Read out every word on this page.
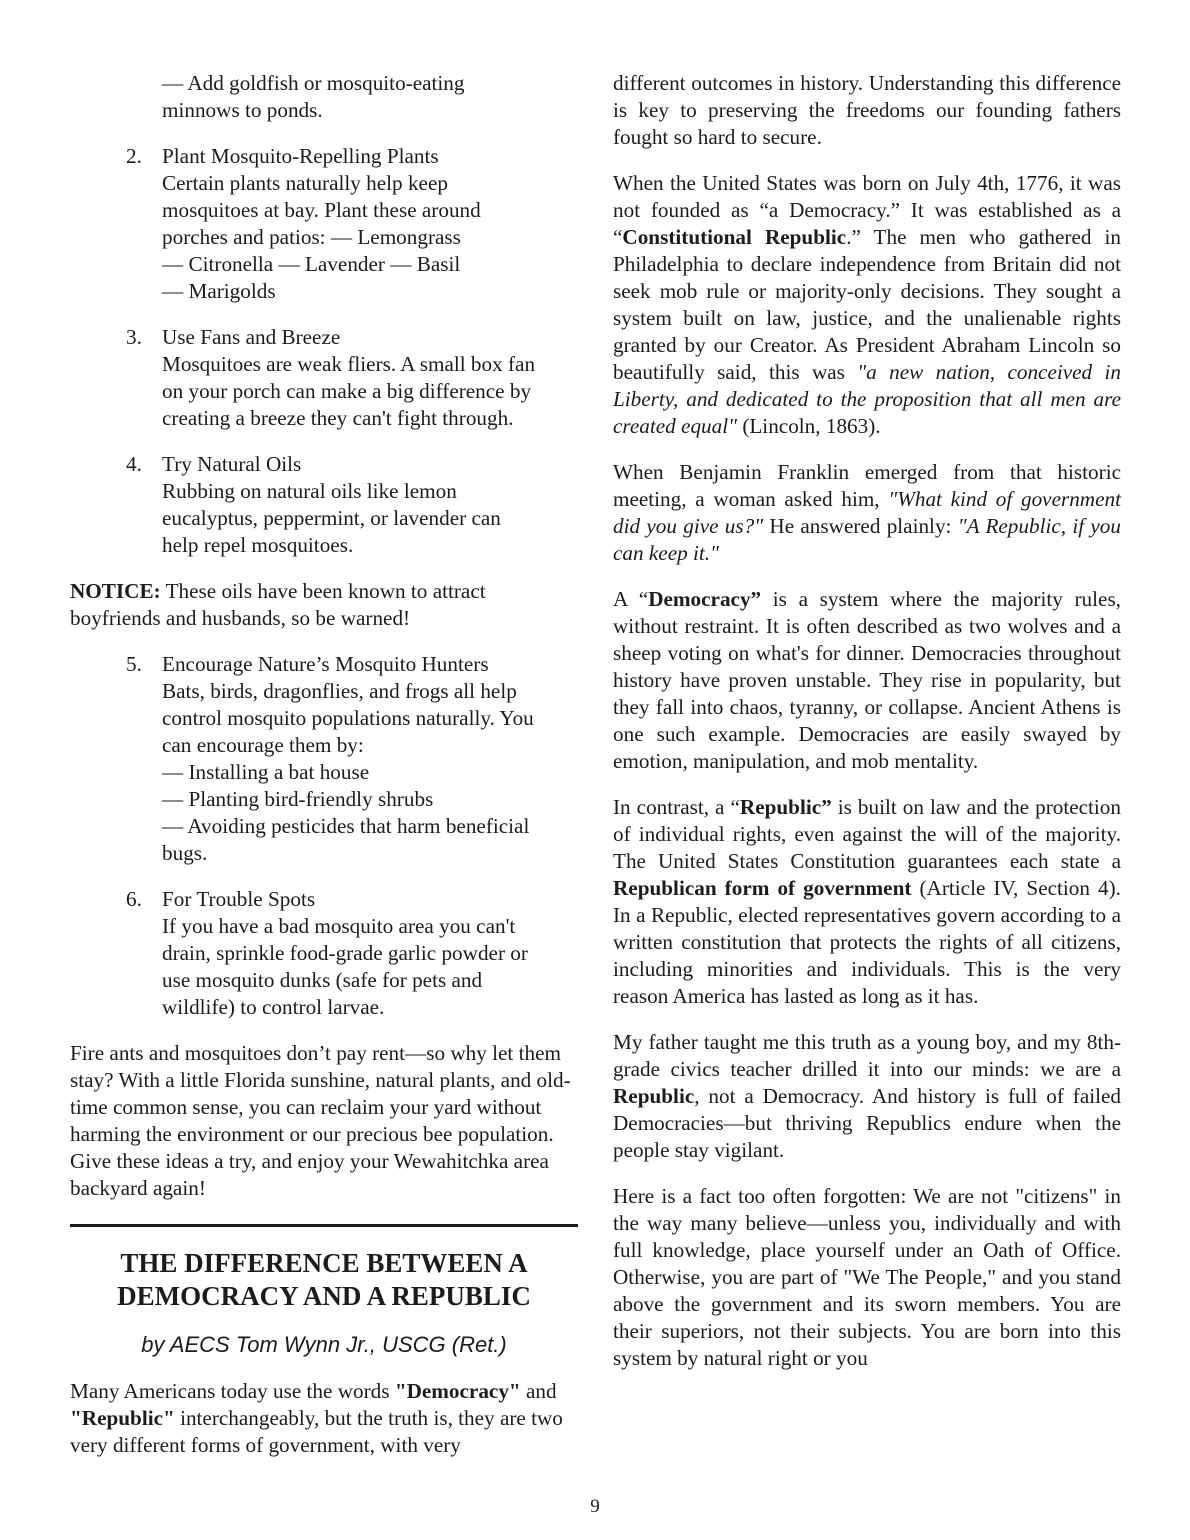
— Add goldfish or mosquito-eating
minnows to ponds.
2. Plant Mosquito-Repelling Plants
Certain plants naturally help keep
mosquitoes at bay. Plant these around
porches and patios: — Lemongrass
— Citronella — Lavender — Basil
— Marigolds
3. Use Fans and Breeze
Mosquitoes are weak fliers. A small box fan
on your porch can make a big difference by
creating a breeze they can't fight through.
4. Try Natural Oils
Rubbing on natural oils like lemon
eucalyptus, peppermint, or lavender can
help repel mosquitoes.

NOTICE: These oils have been known to attract boyfriends and husbands, so be warned!

5. Encourage Nature’s Mosquito Hunters
Bats, birds, dragonflies, and frogs all help
control mosquito populations naturally. You
can encourage them by:
— Installing a bat house
— Planting bird-friendly shrubs
— Avoiding pesticides that harm beneficial
bugs.
6. For Trouble Spots
If you have a bad mosquito area you can't
drain, sprinkle food-grade garlic powder or
use mosquito dunks (safe for pets and
wildlife) to control larvae.

Fire ants and mosquitoes don’t pay rent—so why let them stay? With a little Florida sunshine, natural plants, and old-time common sense, you can reclaim your yard without harming the environment or our precious bee population. Give these ideas a try, and enjoy your Wewahitchka area backyard again!

THE DIFFERENCE BETWEEN A
DEMOCRACY AND A REPUBLIC
by AECS Tom Wynn Jr., USCG (Ret.)

Many Americans today use the words "Democracy" and "Republic" interchangeably, but the truth is, they are two very different forms of government, with very

different outcomes in history. Understanding this difference is key to preserving the freedoms our founding fathers fought so hard to secure.

When the United States was born on July 4th, 1776, it was not founded as “a Democracy.” It was established as a “Constitutional Republic.” The men who gathered in Philadelphia to declare independence from Britain did not seek mob rule or majority-only decisions. They sought a system built on law, justice, and the unalienable rights granted by our Creator. As President Abraham Lincoln so beautifully said, this was "a new nation, conceived in Liberty, and dedicated to the proposition that all men are created equal" (Lincoln, 1863).

When Benjamin Franklin emerged from that historic meeting, a woman asked him, "What kind of government did you give us?" He answered plainly: "A Republic, if you can keep it."

A “Democracy” is a system where the majority rules, without restraint. It is often described as two wolves and a sheep voting on what's for dinner. Democracies throughout history have proven unstable. They rise in popularity, but they fall into chaos, tyranny, or collapse. Ancient Athens is one such example. Democracies are easily swayed by emotion, manipulation, and mob mentality.

In contrast, a “Republic” is built on law and the protection of individual rights, even against the will of the majority. The United States Constitution guarantees each state a Republican form of government (Article IV, Section 4). In a Republic, elected representatives govern according to a written constitution that protects the rights of all citizens, including minorities and individuals. This is the very reason America has lasted as long as it has.

My father taught me this truth as a young boy, and my 8th-grade civics teacher drilled it into our minds: we are a Republic, not a Democracy. And history is full of failed Democracies—but thriving Republics endure when the people stay vigilant.

Here is a fact too often forgotten: We are not "citizens" in the way many believe—unless you, individually and with full knowledge, place yourself under an Oath of Office. Otherwise, you are part of "We The People," and you stand above the government and its sworn members. You are their superiors, not their subjects. You are born into this system by natural right or you

9
